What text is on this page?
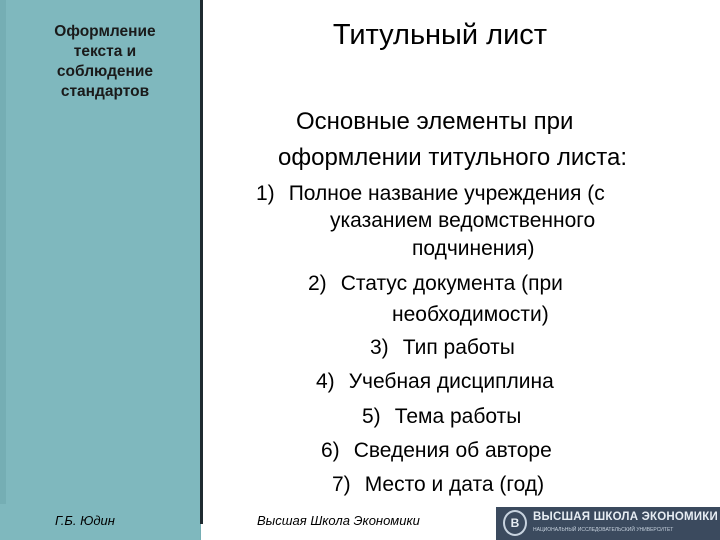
Оформление
текста и
соблюдение
стандартов
Титульный лист
Основные элементы при
оформлении титульного листа:
1) Полное название учреждения (с
указанием ведомственного
подчинения)
2) Статус документа (при
необходимости)
3) Тип работы
4) Учебная дисциплина
5) Тема работы
6) Сведения об авторе
7) Место и дата (год)
Г.Б. Юдин	Высшая Школа Экономики	В	ВЫСШАЯ ШКОЛА ЭКОНОМИКИ
НАЦИОНАЛЬНЫЙ ИССЛЕДОВАТЕЛЬСКИЙ УНИВЕРСИТЕТ
